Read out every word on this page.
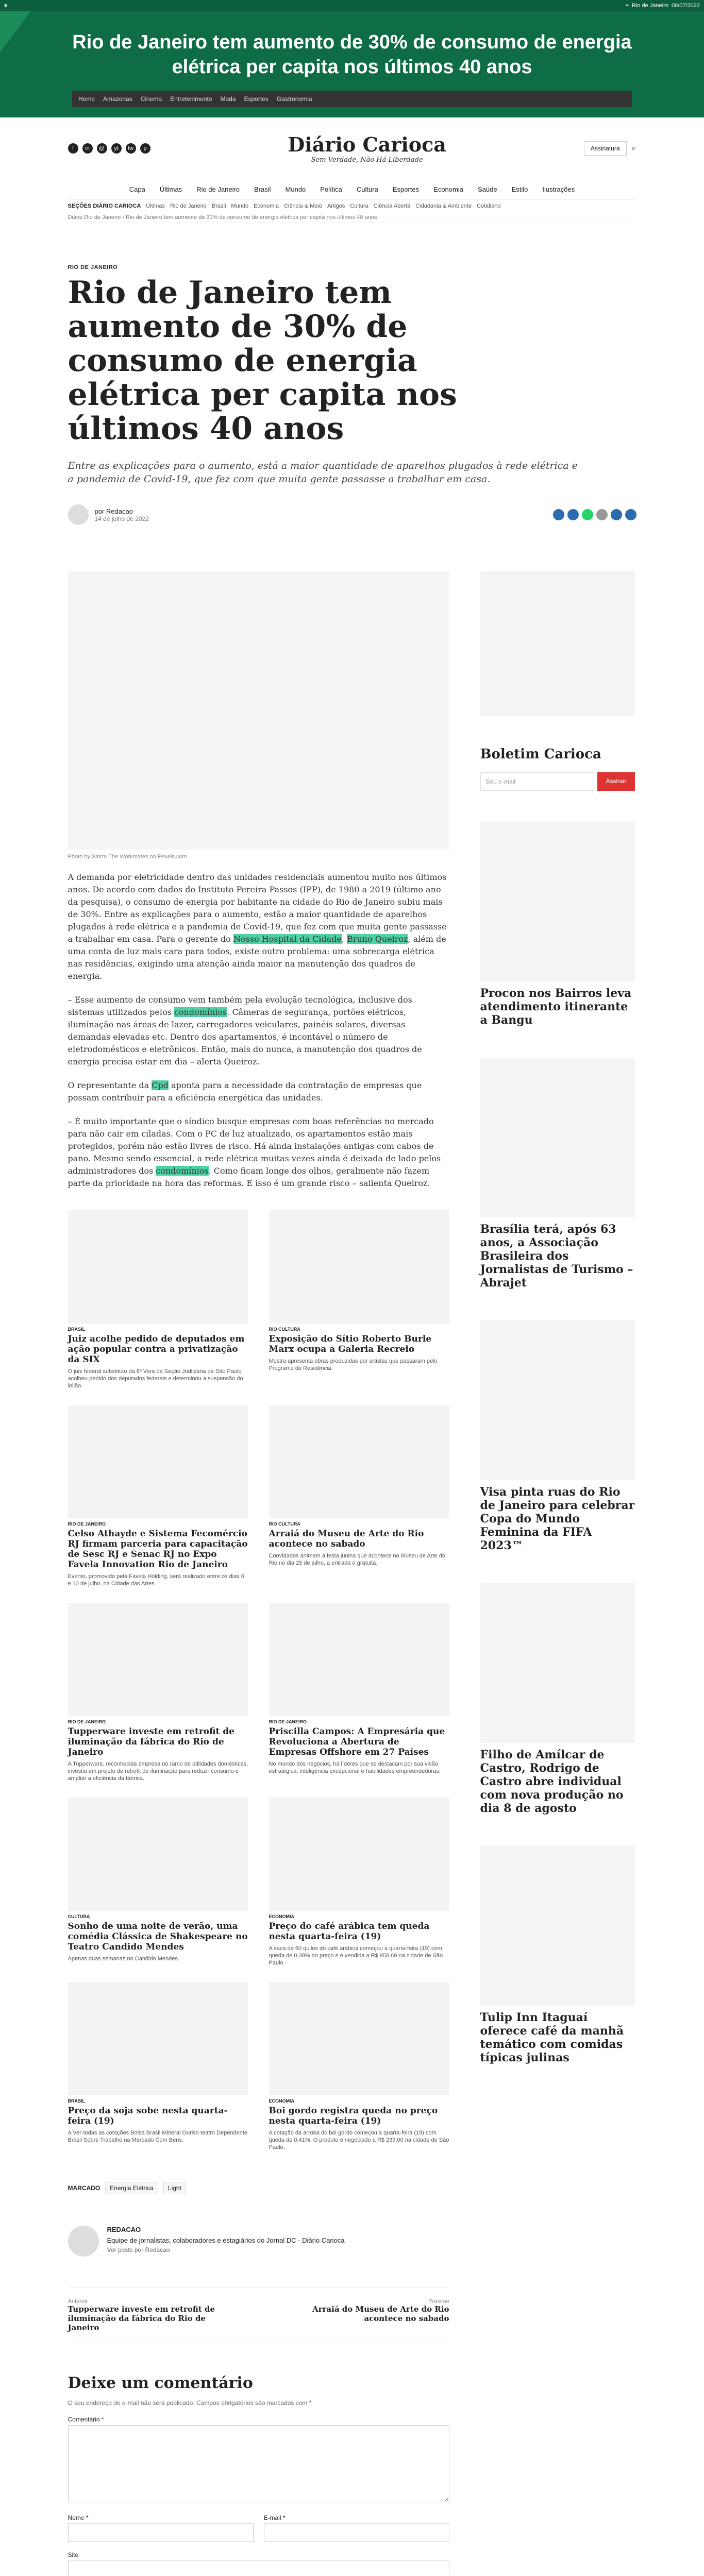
≡	⌖ Rio de Janeiro 08/07/2022
Rio de Janeiro tem aumento de 30% de consumo de energia elétrica per capita nos últimos 40 anos
Home Amazonas Cinema Entretenimento Moda Esportes Gastronomia
f	in	@	yt	tw	p	Diário Carioca
Sem Verdade, Não Há Liberdade
Assinatura	⌕
Capa Últimas Rio de Janeiro Brasil Mundo Política Cultura Esportes Economia Saúde Estilo Ilustrações
SEÇÕES DIÁRIO CARIOCA Últimas Rio de Janeiro Brasil Mundo Economia Ciência & Meio Artigos Cultura Ciência Aberta Cidadania & Ambiente Cotidiano
Diário Rio de Janeiro › Rio de Janeiro tem aumento de 30% de consumo de energia elétrica per capita nos últimos 40 anos
RIO DE JANEIRO
Rio de Janeiro tem aumento de 30% de consumo de energia elétrica per capita nos últimos 40 anos

Entre as explicações para o aumento, está a maior quantidade de aparelhos plugados à rede elétrica e a pandemia de Covid-19, que fez com que muita gente passasse a trabalhar em casa.

por Redacao
14 de julho de 2022
Photo by Storm The Workmates on Pexels.com

A demanda por eletricidade dentro das unidades residenciais aumentou muito nos últimos anos. De acordo com dados do Instituto Pereira Passos (IPP), de 1980 a 2019 (último ano da pesquisa), o consumo de energia por habitante na cidade do Rio de Janeiro subiu mais de 30%. Entre as explicações para o aumento, estão a maior quantidade de aparelhos plugados à rede elétrica e a pandemia de Covid-19, que fez com que muita gente passasse a trabalhar em casa. Para o gerente do Nosso Hospital da Cidade, Bruno Queiroz, além de uma conta de luz mais cara para todos, existe outro problema: uma sobrecarga elétrica nas residências, exigindo uma atenção ainda maior na manutenção dos quadros de energia.

– Esse aumento de consumo vem também pela evolução tecnológica, inclusive dos sistemas utilizados pelos condomínios. Câmeras de segurança, portões elétricos, iluminação nas áreas de lazer, carregadores veiculares, painéis solares, diversas demandas elevadas etc. Dentro dos apartamentos, é incontável o número de eletrodomésticos e eletrônicos. Então, mais do nunca, a manutenção dos quadros de energia precisa estar em dia – alerta Queiroz.

O representante da Cpd aponta para a necessidade da contratação de empresas que possam contribuir para a eficiência energética das unidades.

– É muito importante que o síndico busque empresas com boas referências no mercado para não cair em ciladas. Com o PC de luz atualizado, os apartamentos estão mais protegidos, porém não estão livres de risco. Há ainda instalações antigas com cabos de pano. Mesmo sendo essencial, a rede elétrica muitas vezes ainda é deixada de lado pelos administradores dos condomínios. Como ficam longe dos olhos, geralmente não fazem parte da prioridade na hora das reformas. E isso é um grande risco – salienta Queiroz.

BRASIL
Juiz acolhe pedido de deputados em ação popular contra a privatização da SIX
O juiz federal substituto da 6ª Vara da Seção Judiciária de São Paulo acolheu pedido dos deputados federais e determinou a suspensão do leilão.
RIO CULTURA
Exposição do Sítio Roberto Burle Marx ocupa a Galeria Recreio
Mostra apresenta obras produzidas por artistas que passaram pelo Programa de Residência.
RIO DE JANEIRO
Celso Athayde e Sistema Fecomércio RJ firmam parceria para capacitação de Sesc RJ e Senac RJ no Expo Favela Innovation Rio de Janeiro
Evento, promovido pela Favela Holding, será realizado entre os dias 6 e 10 de julho, na Cidade das Artes.
RIO CULTURA
Arraiá do Museu de Arte do Rio acontece no sabado
Convidados animam a festa junina que acontece no Museu de Arte do Rio no dia 25 de julho, a entrada é gratuita.
RIO DE JANEIRO
Tupperware investe em retrofit de iluminação da fábrica do Rio de Janeiro
A Tupperware, reconhecida empresa no ramo de utilidades domésticas, investiu em projeto de retrofit de iluminação para reduzir consumo e ampliar a eficiência da fábrica.
RIO DE JANEIRO
Priscilla Campos: A Empresária que Revoluciona a Abertura de Empresas Offshore em 27 Países
No mundo dos negócios, há líderes que se destacam por sua visão estratégica, inteligência excepcional e habilidades empreendedoras.
CULTURA
Sonho de uma noite de verão, uma comédia Clássica de Shakespeare no Teatro Candido Mendes
Apenas duas semanas no Candido Mendes.
ECONOMIA
Preço do café arábica tem queda nesta quarta-feira (19)
A saca de 60 quilos do café arábica começou a quarta-feira (19) com queda de 0,38% no preço e é vendida a R$ 958,69 na cidade de São Paulo.
BRASIL
Preço da soja sobe nesta quarta-feira (19)
A Ver-todas as cotações Bolsa Brasil Mineral Ouriso teatro Dependente Brasil Sobre Trabalho na Mercado Com Bens.
ECONOMIA
Boi gordo registra queda no preço nesta quarta-feira (19)
A cotação da arroba do boi gordo começou a quarta-feira (19) com queda de 0,41%. O produto é negociado a R$ 239,00 na cidade de São Paulo.
MARCADO	Energia Elétrica	Light
REDACAO
Equipe de jornalistas, colaboradores e estagiários do Jornal DC - Diário Carioca
Ver posts por Redacao
Anterior
Tupperware investe em retrofit de iluminação da fábrica do Rio de Janeiro
Próximo
Arraiá do Museu de Arte do Rio acontece no sabado
Deixe um comentário
O seu endereço de e-mail não será publicado. Campos obrigatórios são marcados com *
Comentário *
Nome *	E-mail *
Site
Boletim Carioca
Seu e-mail	Assinar
Procon nos Bairros leva atendimento itinerante a Bangu
Brasília terá, após 63 anos, a Associação Brasileira dos Jornalistas de Turismo – Abrajet
Visa pinta ruas do Rio de Janeiro para celebrar Copa do Mundo Feminina da FIFA 2023™
Filho de Amílcar de Castro, Rodrigo de Castro abre individual com nova produção no dia 8 de agosto
Tulip Inn Itaguaí oferece café da manhã temático com comidas típicas julinas
